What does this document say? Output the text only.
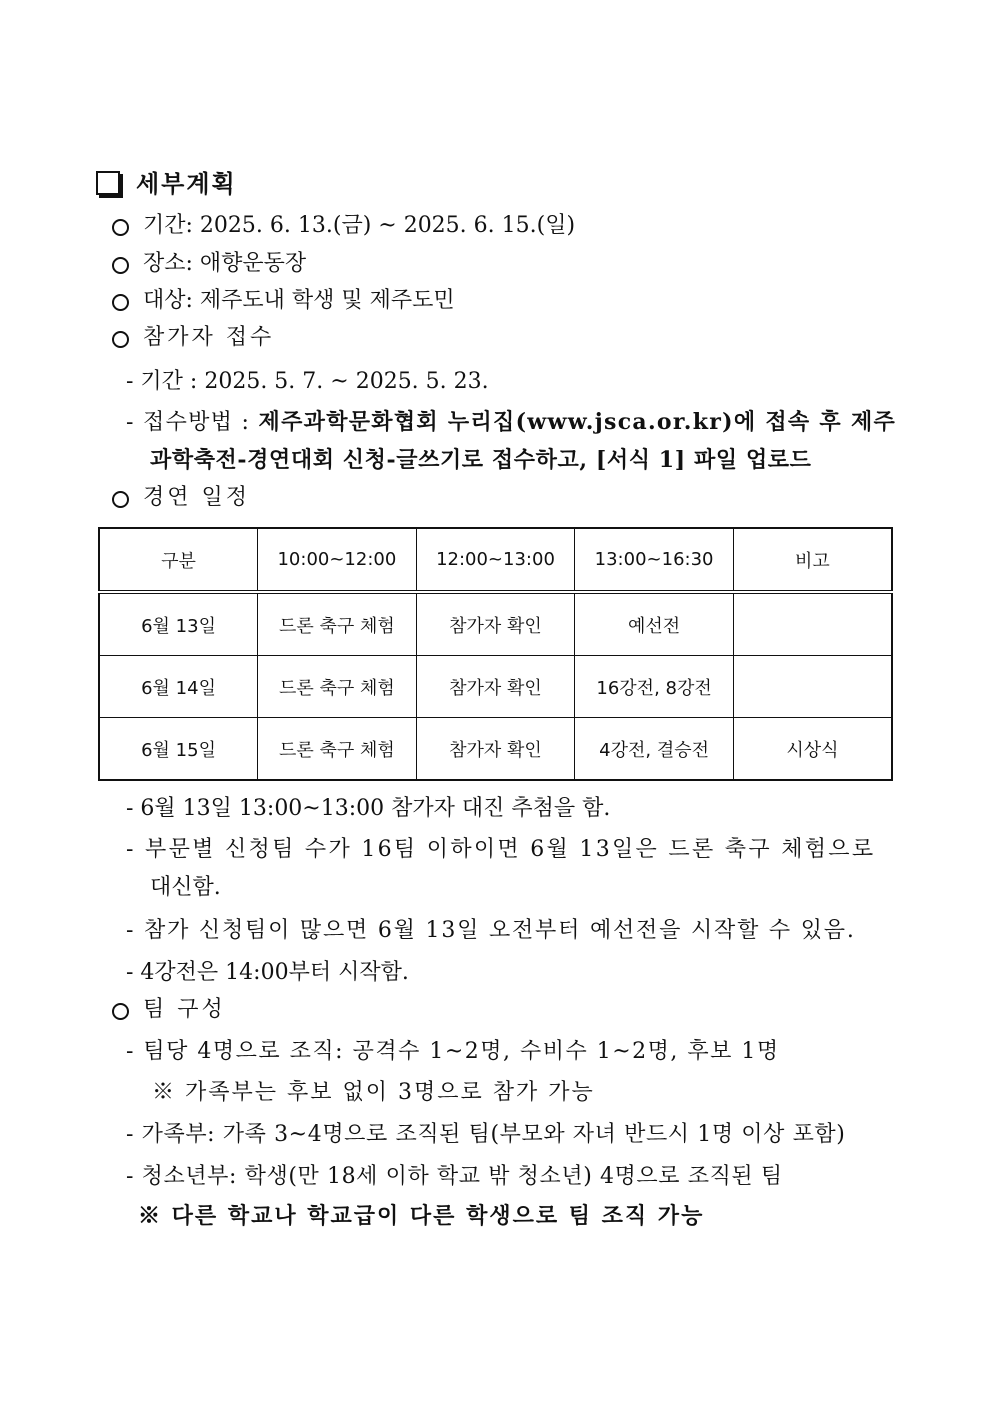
세부계획
기간: 2025. 6. 13.(금) ~ 2025. 6. 15.(일)
장소: 애향운동장
대상: 제주도내 학생 및 제주도민
참가자 접수
- 기간 : 2025. 5. 7. ~ 2025. 5. 23.
- 접수방법 : 제주과학문화협회 누리집(www.jsca.or.kr)에 접속 후 제주
과학축전-경연대회 신청-글쓰기로 접수하고, [서식 1] 파일 업로드
경연 일정
구분	10:00~12:00	12:00~13:00	13:00~16:30	비고
6월 13일	드론 축구 체험	참가자 확인	예선전	
6월 14일	드론 축구 체험	참가자 확인	16강전, 8강전	
6월 15일	드론 축구 체험	참가자 확인	4강전, 결승전	시상식
- 6월 13일 13:00~13:00 참가자 대진 추첨을 함.
- 부문별 신청팀 수가 16팀 이하이면 6월 13일은 드론 축구 체험으로
대신함.
- 참가 신청팀이 많으면 6월 13일 오전부터 예선전을 시작할 수 있음.
- 4강전은 14:00부터 시작함.
팀 구성
- 팀당 4명으로 조직: 공격수 1~2명, 수비수 1~2명, 후보 1명
※ 가족부는 후보 없이 3명으로 참가 가능
- 가족부: 가족 3~4명으로 조직된 팀(부모와 자녀 반드시 1명 이상 포함)
- 청소년부: 학생(만 18세 이하 학교 밖 청소년) 4명으로 조직된 팀
※ 다른 학교나 학교급이 다른 학생으로 팀 조직 가능
